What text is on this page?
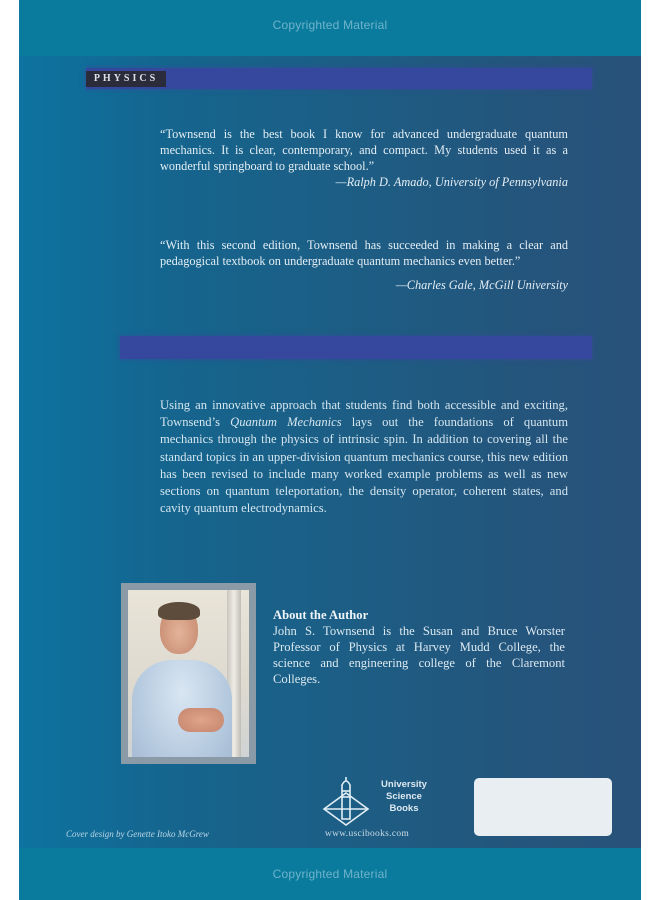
Copyrighted Material
PHYSICS
“Townsend is the best book I know for advanced undergraduate quantum mechanics. It is clear, contemporary, and compact. My students used it as a wonderful springboard to graduate school.”
—Ralph D. Amado, University of Pennsylvania
“With this second edition, Townsend has succeeded in making a clear and pedagogical textbook on undergraduate quantum mechanics even better.”
—Charles Gale, McGill University
Using an innovative approach that students find both accessible and exciting, Townsend’s Quantum Mechanics lays out the foundations of quantum mechanics through the physics of intrinsic spin. In addition to covering all the standard topics in an upper-division quantum mechanics course, this new edition has been revised to include many worked example problems as well as new sections on quantum teleportation, the density operator, coherent states, and cavity quantum electrodynamics.
About the Author
John S. Townsend is the Susan and Bruce Worster Professor of Physics at Harvey Mudd College, the science and engineering college of the Claremont Colleges.
University
Science
Books
www.uscibooks.com
Cover design by Genette Itoko McGrew
Copyrighted Material
